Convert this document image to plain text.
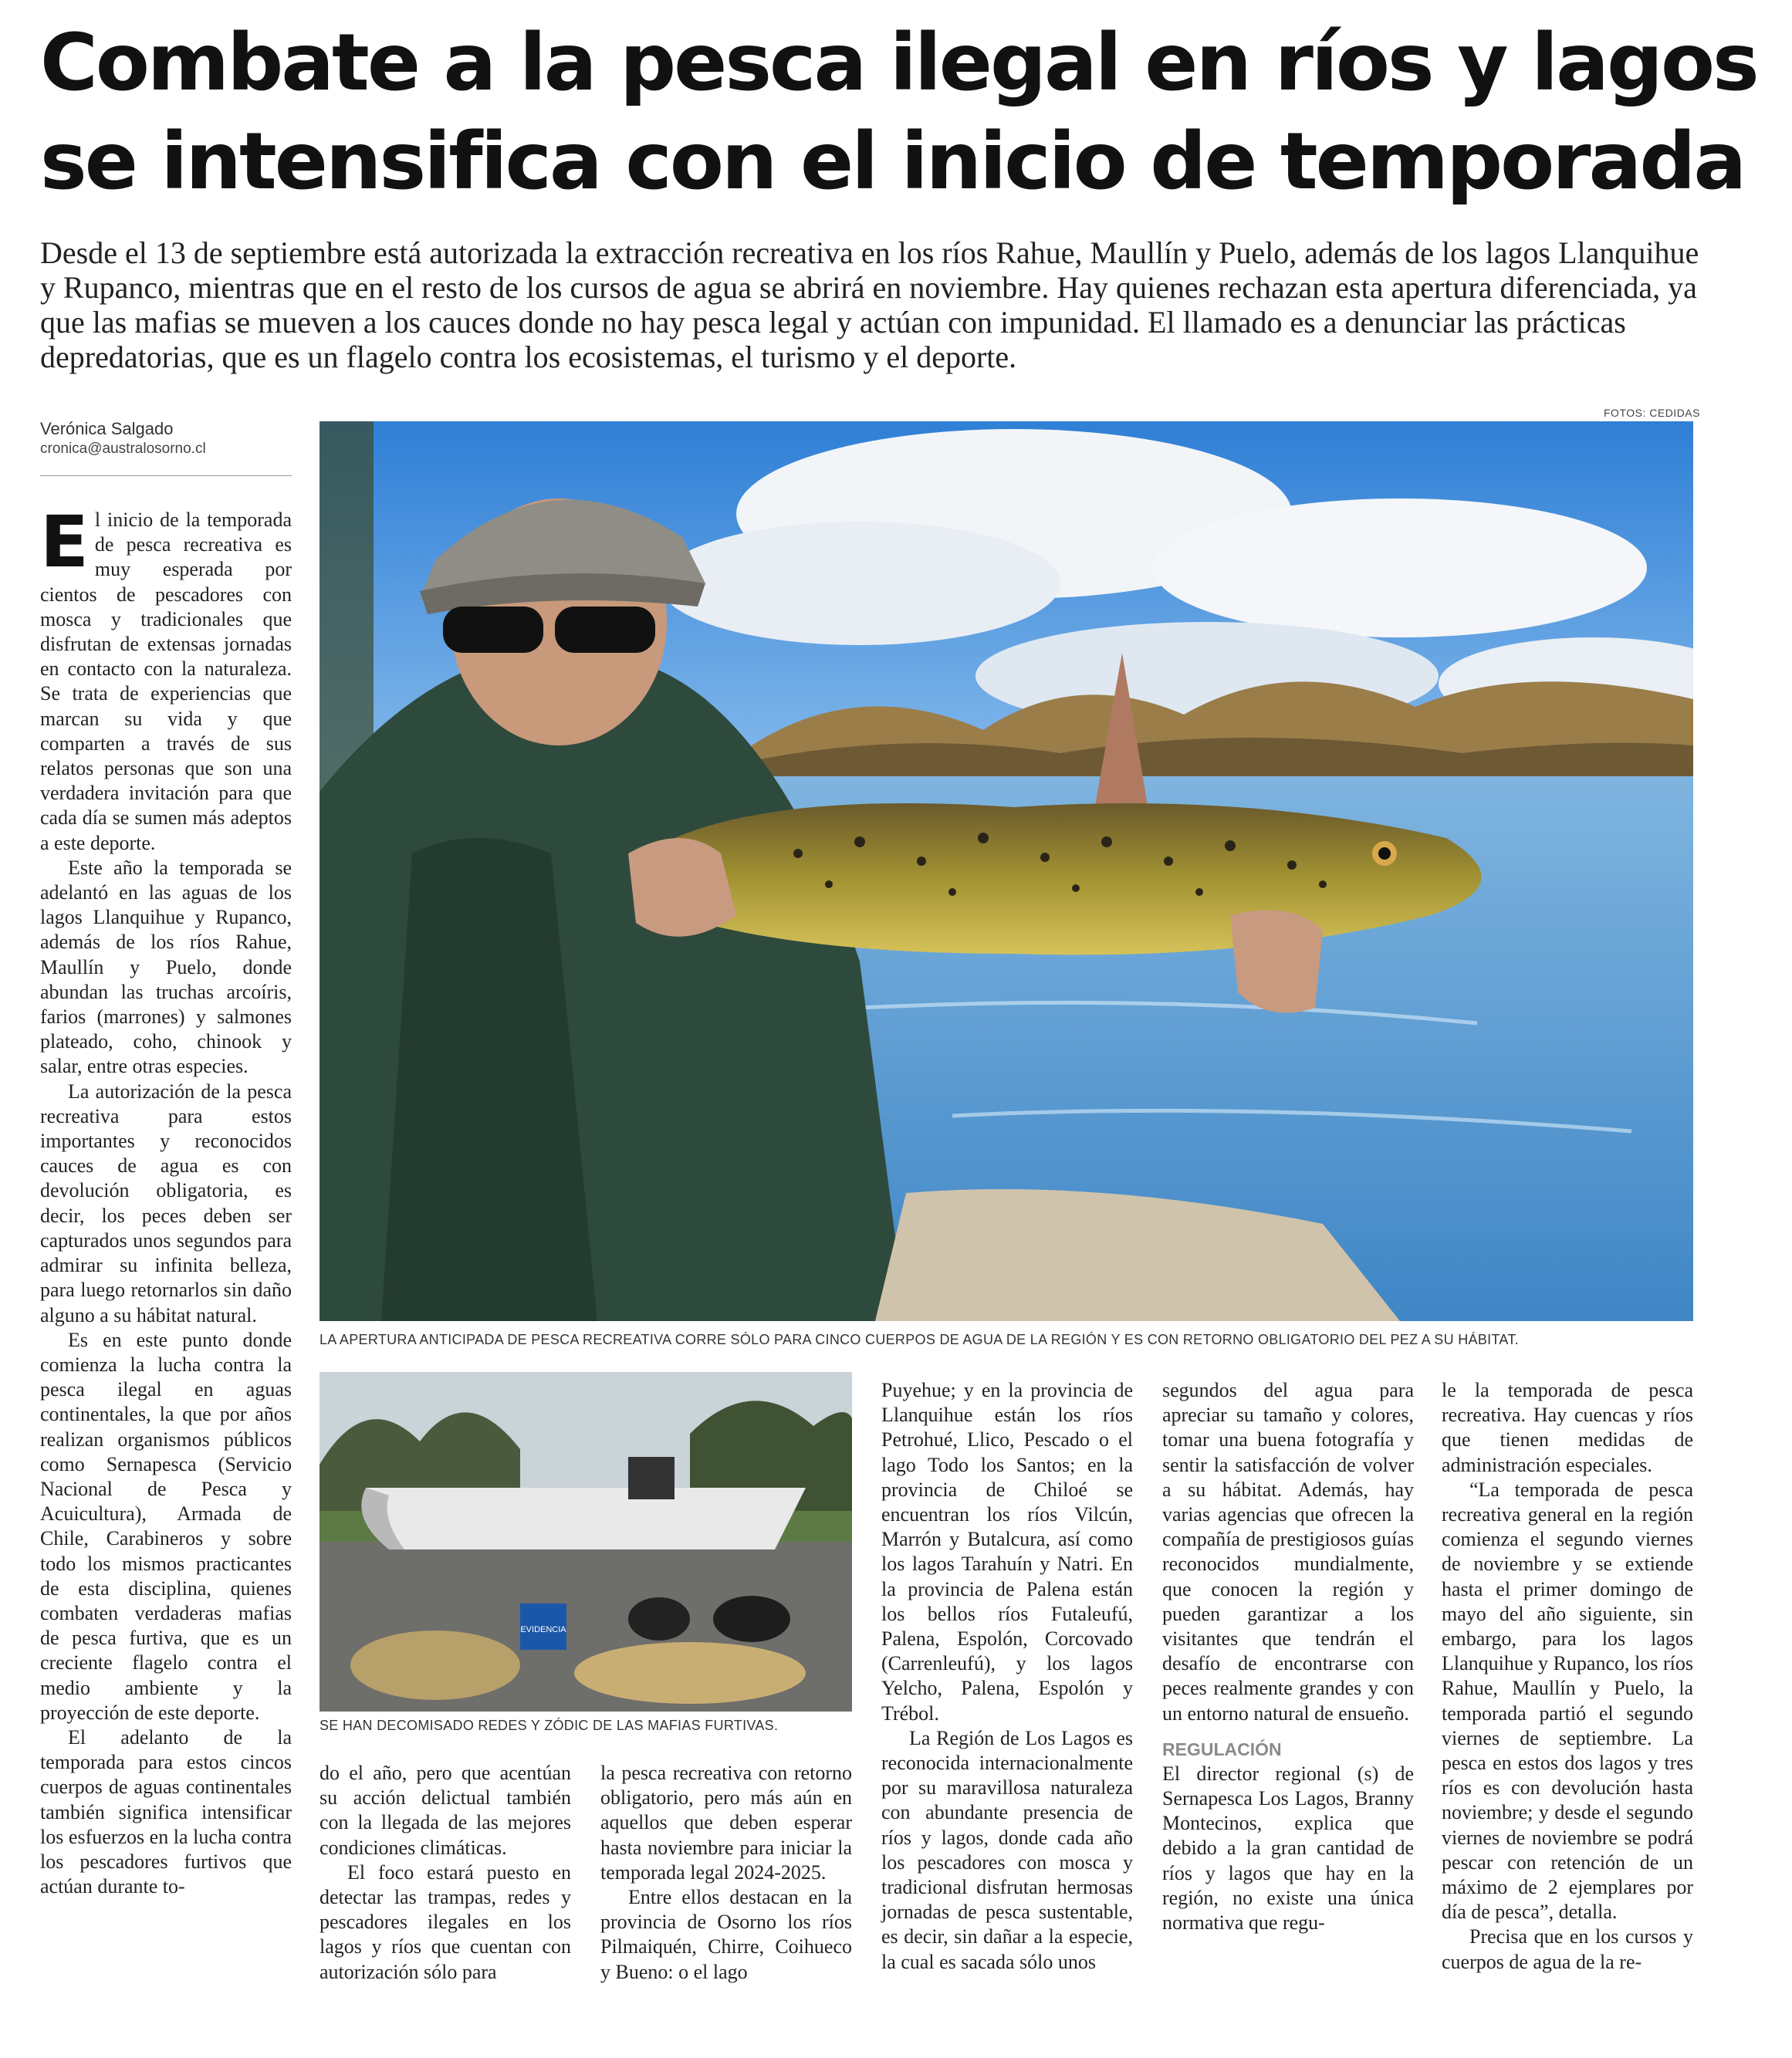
Combate a la pesca ilegal en ríos y lagos se intensifica con el inicio de temporada

Desde el 13 de septiembre está autorizada la extracción recreativa en los ríos Rahue, Maullín y Puelo, además de los lagos Llanquihue y Rupanco, mientras que en el resto de los cursos de agua se abrirá en noviembre. Hay quienes rechazan esta apertura diferenciada, ya que las mafias se mueven a los cauces donde no hay pesca legal y actúan con impunidad. El llamado es a denunciar las prácticas depredatorias, que es un flagelo contra los ecosistemas, el turismo y el deporte.

Verónica Salgado
cronica@australosorno.cl
FOTOS: CEDIDAS

LA APERTURA ANTICIPADA DE PESCA RECREATIVA CORRE SÓLO PARA CINCO CUERPOS DE AGUA DE LA REGIÓN Y ES CON RETORNO OBLIGATORIO DEL PEZ A SU HÁBITAT.

EVIDENCIA

SE HAN DECOMISADO REDES Y ZÓDIC DE LAS MAFIAS FURTIVAS.

El inicio de la temporada de pesca recreativa es muy esperada por cientos de pescadores con mosca y tradicionales que disfrutan de extensas jornadas en contacto con la naturaleza. Se trata de experiencias que marcan su vida y que comparten a través de sus relatos personas que son una verdadera invitación para que cada día se sumen más adeptos a este deporte.

Este año la temporada se adelantó en las aguas de los lagos Llanquihue y Rupanco, además de los ríos Rahue, Maullín y Puelo, donde abundan las truchas arcoíris, farios (marrones) y salmones plateado, coho, chinook y salar, entre otras especies.

La autorización de la pesca recreativa para estos importantes y reconocidos cauces de agua es con devolución obligatoria, es decir, los peces deben ser capturados unos segundos para admirar su infinita belleza, para luego retornarlos sin daño alguno a su hábitat natural.

Es en este punto donde comienza la lucha contra la pesca ilegal en aguas continentales, la que por años realizan organismos públicos como Sernapesca (Servicio Nacional de Pesca y Acuicultura), Armada de Chile, Carabineros y sobre todo los mismos practicantes de esta disciplina, quienes combaten verdaderas mafias de pesca furtiva, que es un creciente flagelo contra el medio ambiente y la proyección de este deporte.

El adelanto de la temporada para estos cincos cuerpos de aguas continentales también significa intensificar los esfuerzos en la lucha contra los pescadores furtivos que actúan durante to-

do el año, pero que acentúan su acción delictual también con la llegada de las mejores condiciones climáticas.

El foco estará puesto en detectar las trampas, redes y pescadores ilegales en los lagos y ríos que cuentan con autorización sólo para

la pesca recreativa con retorno obligatorio, pero más aún en aquellos que deben esperar hasta noviembre para iniciar la temporada legal 2024-2025.

Entre ellos destacan en la provincia de Osorno los ríos Pilmaiquén, Chirre, Coihueco y Bueno: o el lago

Puyehue; y en la provincia de Llanquihue están los ríos Petrohué, Llico, Pescado o el lago Todo los Santos; en la provincia de Chiloé se encuentran los ríos Vilcún, Marrón y Butalcura, así como los lagos Tarahuín y Natri. En la provincia de Palena están los bellos ríos Futaleufú, Palena, Espolón, Corcovado (Carrenleufú), y los lagos Yelcho, Palena, Espolón y Trébol.

La Región de Los Lagos es reconocida internacionalmente por su maravillosa naturaleza con abundante presencia de ríos y lagos, donde cada año los pescadores con mosca y tradicional disfrutan hermosas jornadas de pesca sustentable, es decir, sin dañar a la especie, la cual es sacada sólo unos

segundos del agua para apreciar su tamaño y colores, tomar una buena fotografía y sentir la satisfacción de volver a su hábitat. Además, hay varias agencias que ofrecen la compañía de prestigiosos guías reconocidos mundialmente, que conocen la región y pueden garantizar a los visitantes que tendrán el desafío de encontrarse con peces realmente grandes y con un entorno natural de ensueño.

REGULACIÓN

El director regional (s) de Sernapesca Los Lagos, Branny Montecinos, explica que debido a la gran cantidad de ríos y lagos que hay en la región, no existe una única normativa que regu-

le la temporada de pesca recreativa. Hay cuencas y ríos que tienen medidas de administración especiales.

“La temporada de pesca recreativa general en la región comienza el segundo viernes de noviembre y se extiende hasta el primer domingo de mayo del año siguiente, sin embargo, para los lagos Llanquihue y Rupanco, los ríos Rahue, Maullín y Puelo, la temporada partió el segundo viernes de septiembre. La pesca en estos dos lagos y tres ríos es con devolución hasta noviembre; y desde el segundo viernes de noviembre se podrá pescar con retención de un máximo de 2 ejemplares por día de pesca”, detalla.

Precisa que en los cursos y cuerpos de agua de la re-
